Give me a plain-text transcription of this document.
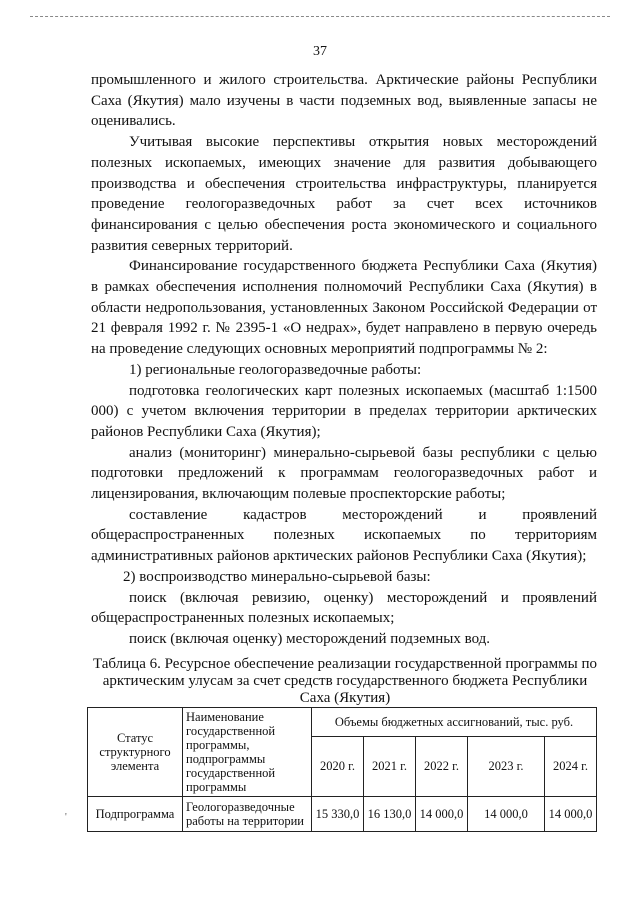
37

промышленного и жилого строительства. Арктические районы Республики Саха (Якутия) мало изучены в части подземных вод, выявленные запасы не оценивались.

Учитывая высокие перспективы открытия новых месторождений полезных ископаемых, имеющих значение для развития добывающего производства и обеспечения строительства инфраструктуры, планируется проведение геологоразведочных работ за счет всех источников финансирования с целью обеспечения роста экономического и социального развития северных территорий.

Финансирование государственного бюджета Республики Саха (Якутия) в рамках обеспечения исполнения полномочий Республики Саха (Якутия) в области недропользования, установленных Законом Российской Федерации от 21 февраля 1992 г. № 2395-1 «О недрах», будет направлено в первую очередь на проведение следующих основных мероприятий подпрограммы № 2:

1) региональные геологоразведочные работы:

подготовка геологических карт полезных ископаемых (масштаб 1:1500 000) с учетом включения территории в пределах территории арктических районов Республики Саха (Якутия);

анализ (мониторинг) минерально-сырьевой базы республики с целью подготовки предложений к программам геологоразведочных работ и лицензирования, включающим полевые проспекторские работы;

составление кадастров месторождений и проявлений общераспространенных полезных ископаемых по территориям административных районов арктических районов Республики Саха (Якутия);

2) воспроизводство минерально-сырьевой базы:

поиск (включая ревизию, оценку) месторождений и проявлений общераспространенных полезных ископаемых;

поиск (включая оценку) месторождений подземных вод.

Таблица 6. Ресурсное обеспечение реализации государственной программы по арктическим улусам за счет средств государственного бюджета Республики Саха (Якутия)
Статус структурного элемента	Наименование государственной программы, подпрограммы государственной программы	Объемы бюджетных ассигнований, тыс. руб.				
		2020 г.	2021 г.	2022 г.	2023 г.	2024 г.
Подпрограмма	Геологоразведочные работы на территории	15 330,0	16 130,0	14 000,0	14 000,0	14 000,0
'
